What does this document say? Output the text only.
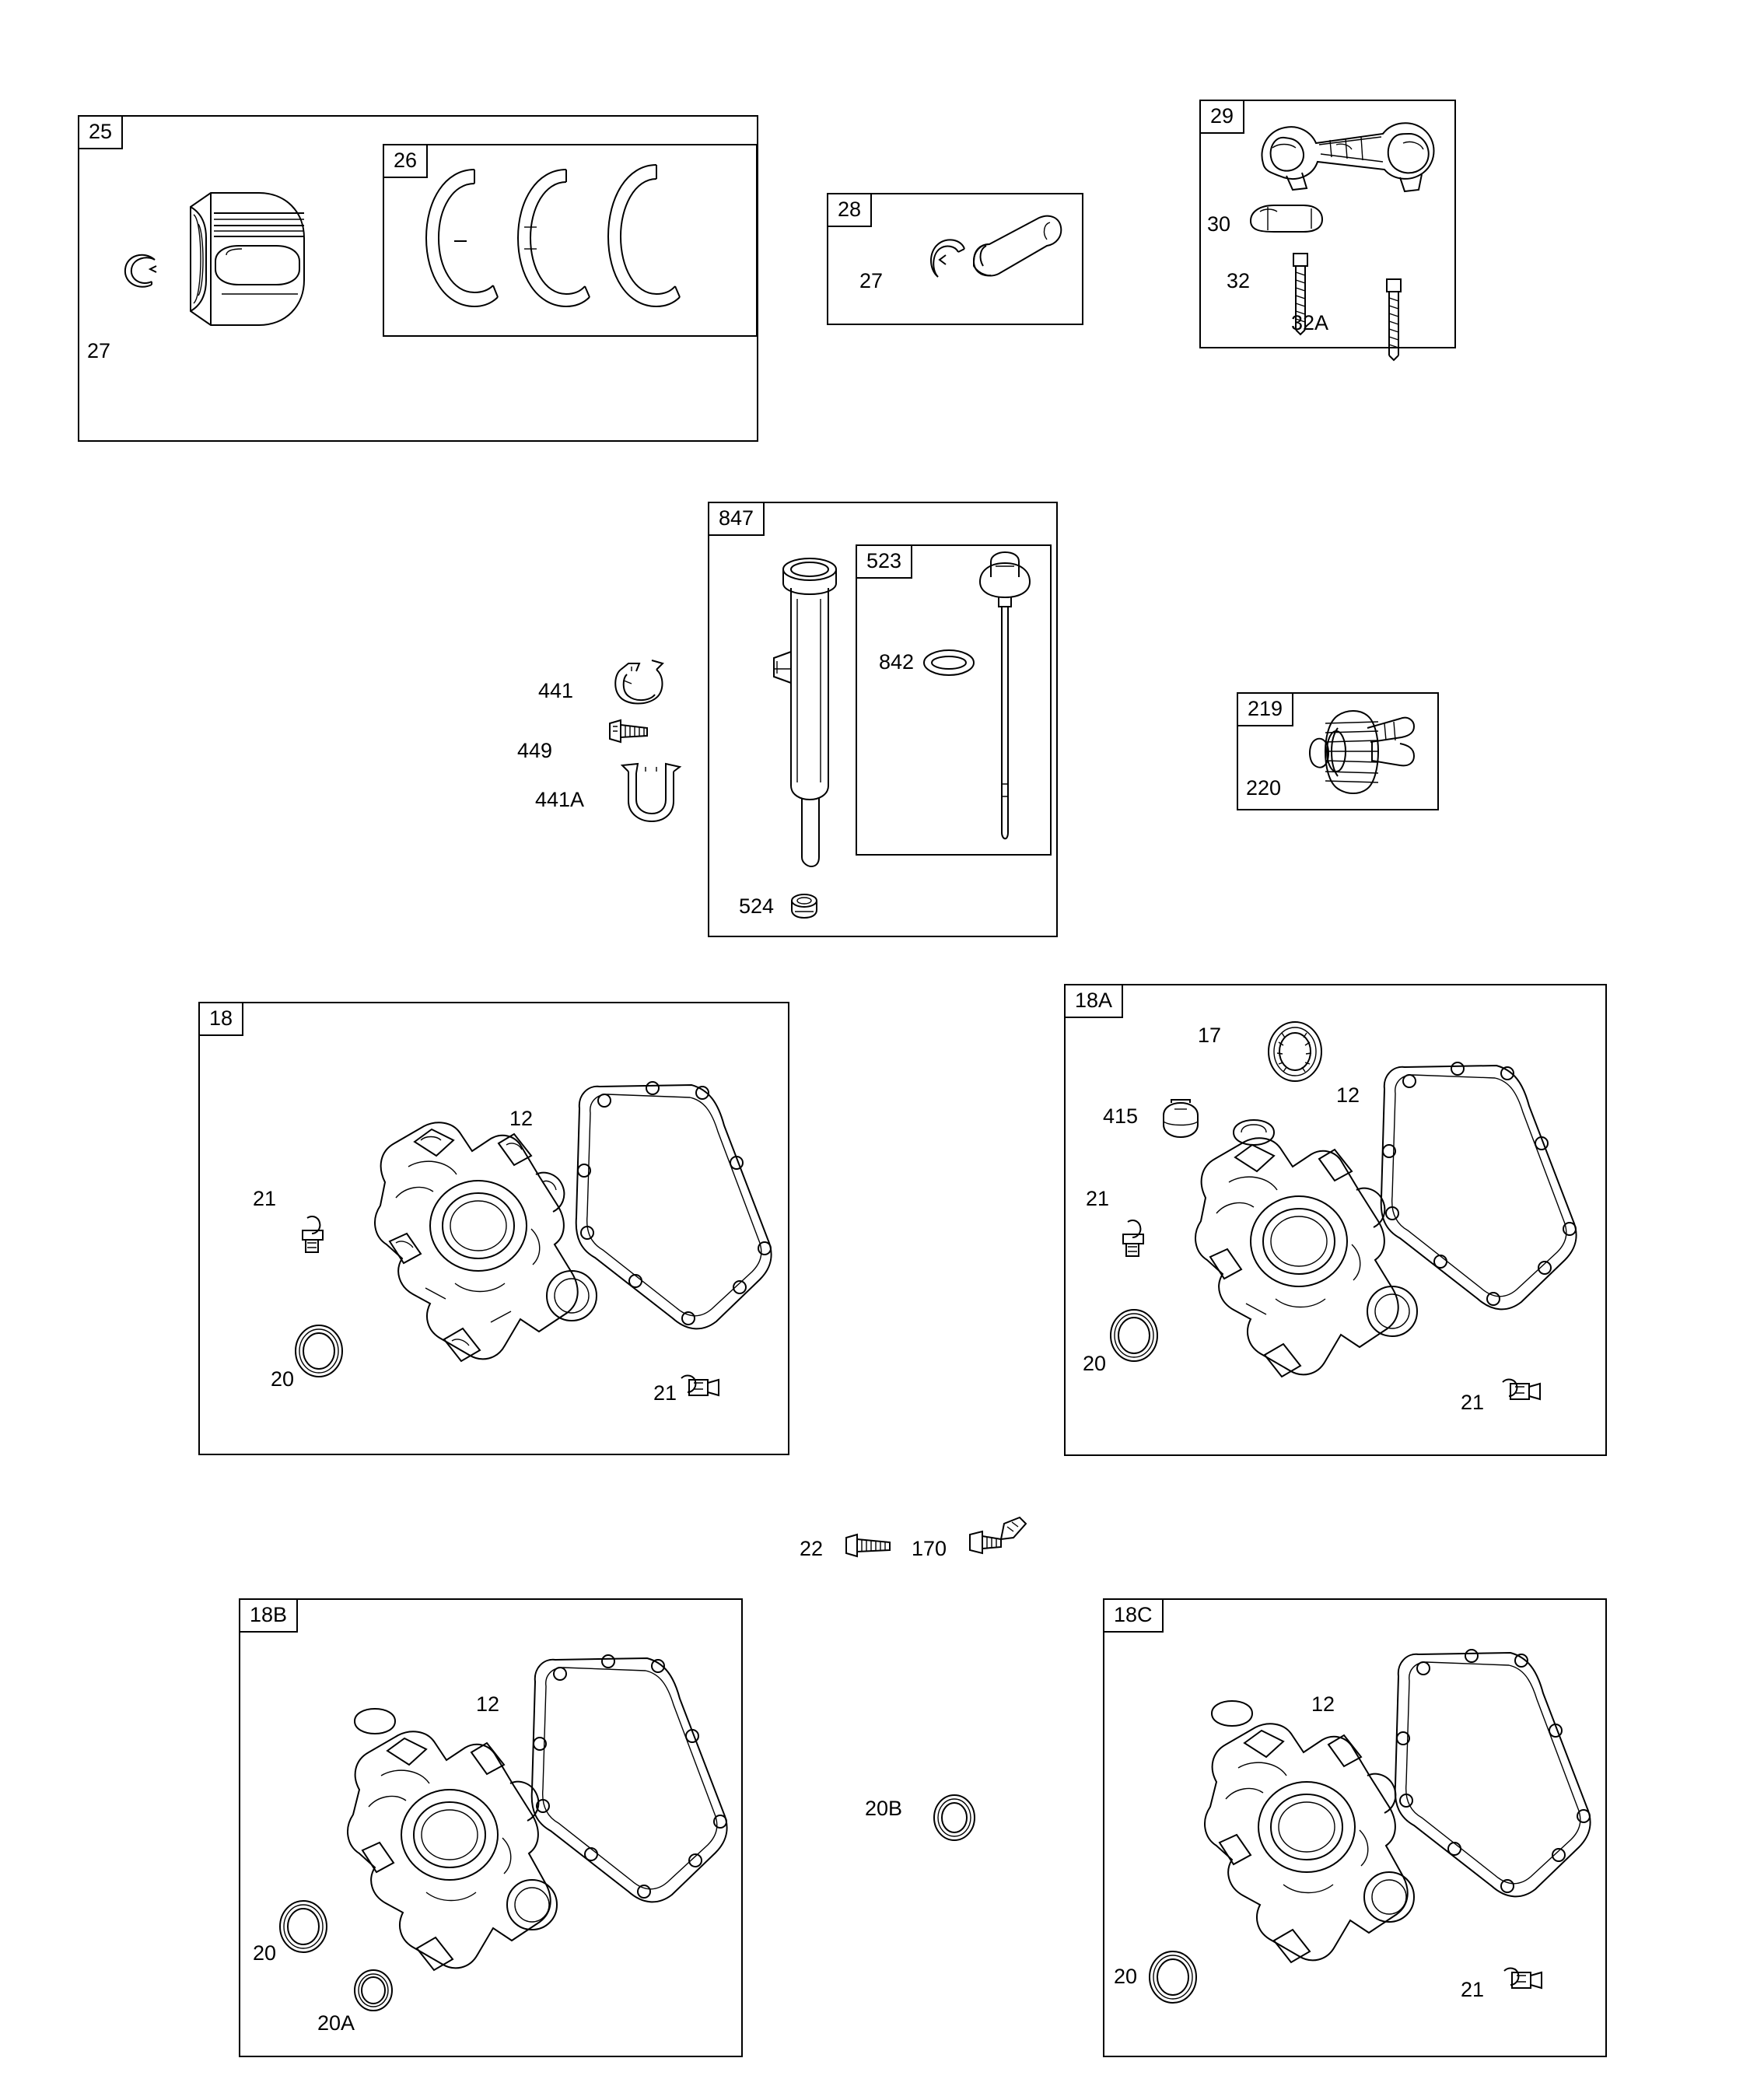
25
27
26
28
27
29
30
32
32A
847
524
523
842
441
449
441A
219
220
18
12
21
20
21
18A
12
17
415
21
20
21
22	170
18B
12
20
20A
20B
18C
12
20
21
